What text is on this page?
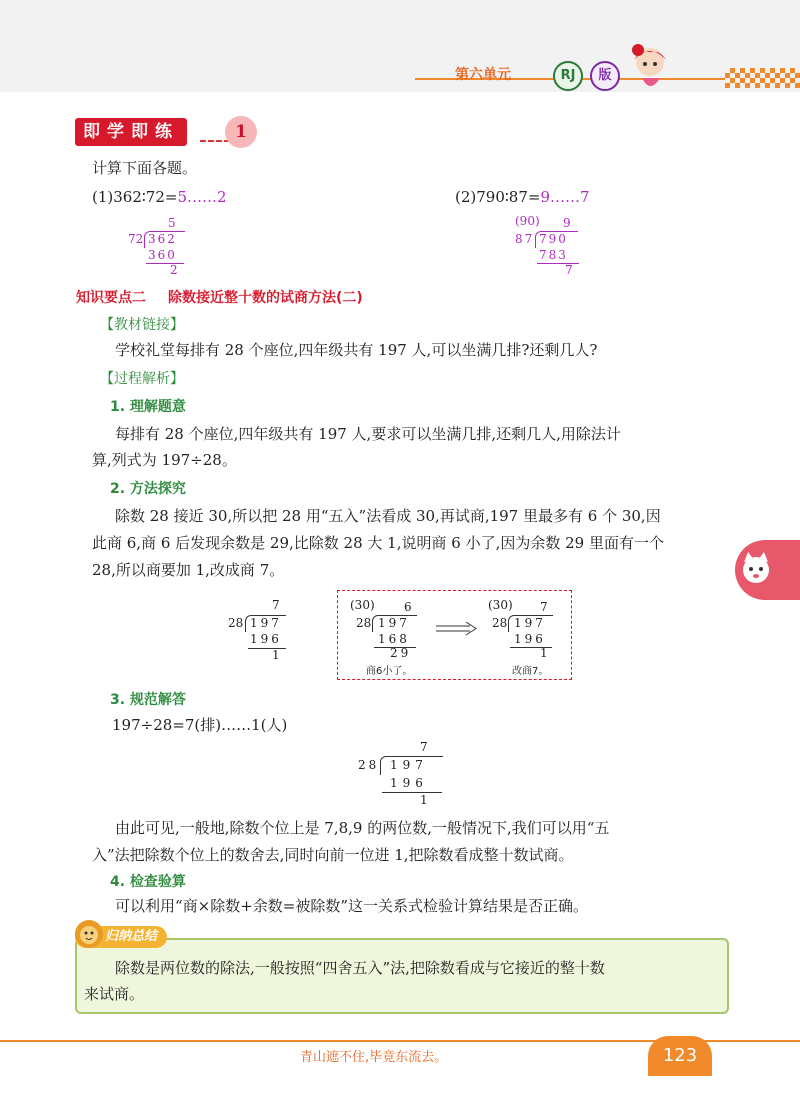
第六单元	RJ	版
即学即练	1
计算下面各题。
(1)362∶72=5……2	(2)790∶87=9……7
5
72 362
360
2
(90) 9
87 790
783
7
知识要点二 除数接近整十数的试商方法(二)
【教材链接】
学校礼堂每排有 28 个座位,四年级共有 197 人,可以坐满几排?还剩几人?
【过程解析】
1. 理解题意
每排有 28 个座位,四年级共有 197 人,要求可以坐满几排,还剩几人,用除法计
算,列式为 197÷28。
2. 方法探究
除数 28 接近 30,所以把 28 用“五入”法看成 30,再试商,197 里最多有 6 个 30,因
此商 6,商 6 后发现余数是 29,比除数 28 大 1,说明商 6 小了,因为余数 29 里面有一个
28,所以商要加 1,改成商 7。
7
28 197
196
1
(30) 6
28 197
168
29
商6小了。
(30) 7
28 197
196
1
改商7。
3. 规范解答
197÷28=7(排)……1(人)
7
28 197
196
1
由此可见,一般地,除数个位上是 7,8,9 的两位数,一般情况下,我们可以用“五
入”法把除数个位上的数舍去,同时向前一位进 1,把除数看成整十数试商。
4. 检查验算
可以利用“商×除数+余数=被除数”这一关系式检验计算结果是否正确。
归纳总结
除数是两位数的除法,一般按照“四舍五入”法,把除数看成与它接近的整十数
来试商。
青山遮不住,毕竟东流去。	123
